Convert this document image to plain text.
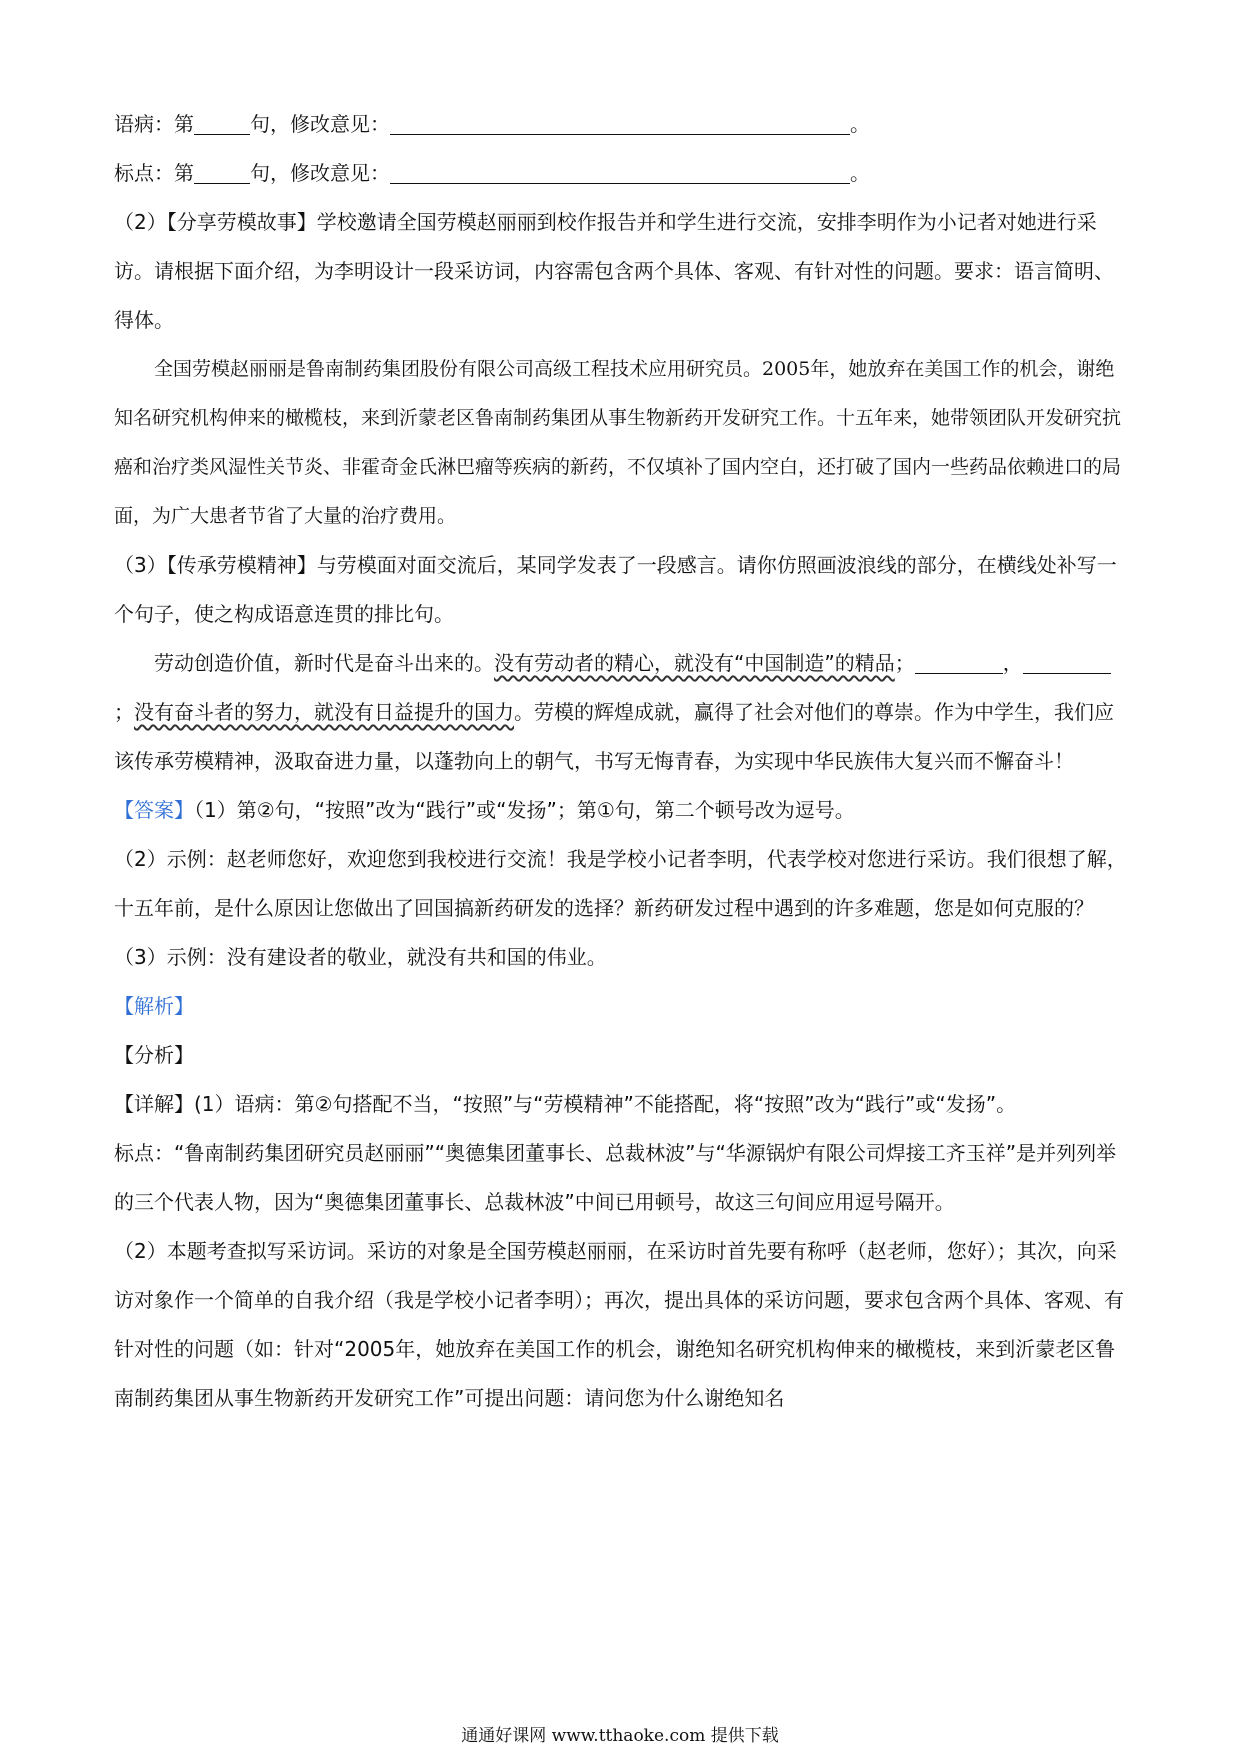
语病：第	句，修改意见：	。

标点：第	句，修改意见：	。

（2）【分享劳模故事】学校邀请全国劳模赵丽丽到校作报告并和学生进行交流，安排李明作为小记者对她进行采访。请根据下面介绍，为李明设计一段采访词，内容需包含两个具体、客观、有针对性的问题。要求：语言简明、得体。

全国劳模赵丽丽是鲁南制药集团股份有限公司高级工程技术应用研究员。2005年，她放弃在美国工作的机会，谢绝知名研究机构伸来的橄榄枝，来到沂蒙老区鲁南制药集团从事生物新药开发研究工作。十五年来，她带领团队开发研究抗癌和治疗类风湿性关节炎、非霍奇金氏淋巴瘤等疾病的新药，不仅填补了国内空白，还打破了国内一些药品依赖进口的局面，为广大患者节省了大量的治疗费用。

（3）【传承劳模精神】与劳模面对面交流后，某同学发表了一段感言。请你仿照画波浪线的部分，在横线处补写一个句子，使之构成语意连贯的排比句。

劳动创造价值，新时代是奋斗出来的。没有劳动者的精心，就没有“中国制造”的精品；	，；没有奋斗者的努力，就没有日益提升的国力。劳模的辉煌成就，赢得了社会对他们的尊崇。作为中学生，我们应该传承劳模精神，汲取奋进力量，以蓬勃向上的朝气，书写无悔青春，为实现中华民族伟大复兴而不懈奋斗！

【答案】（1）第②句，“按照”改为“践行”或“发扬”；第①句，第二个顿号改为逗号。

（2）示例：赵老师您好，欢迎您到我校进行交流！我是学校小记者李明，代表学校对您进行采访。我们很想了解，十五年前，是什么原因让您做出了回国搞新药研发的选择？新药研发过程中遇到的许多难题，您是如何克服的？

（3）示例：没有建设者的敬业，就没有共和国的伟业。

【解析】

【分析】

【详解】(1）语病：第②句搭配不当，“按照”与“劳模精神”不能搭配，将“按照”改为“践行”或“发扬”。

标点：“鲁南制药集团研究员赵丽丽”“奥德集团董事长、总裁林波”与“华源锅炉有限公司焊接工齐玉祥”是并列列举的三个代表人物，因为“奥德集团董事长、总裁林波”中间已用顿号，故这三句间应用逗号隔开。

（2）本题考查拟写采访词。采访的对象是全国劳模赵丽丽，在采访时首先要有称呼（赵老师，您好）；其次，向采访对象作一个简单的自我介绍（我是学校小记者李明）；再次，提出具体的采访问题，要求包含两个具体、客观、有针对性的问题（如：针对“2005年，她放弃在美国工作的机会，谢绝知名研究机构伸来的橄榄枝，来到沂蒙老区鲁南制药集团从事生物新药开发研究工作”可提出问题：请问您为什么谢绝知名

通通好课网 www.tthaoke.com 提供下载
